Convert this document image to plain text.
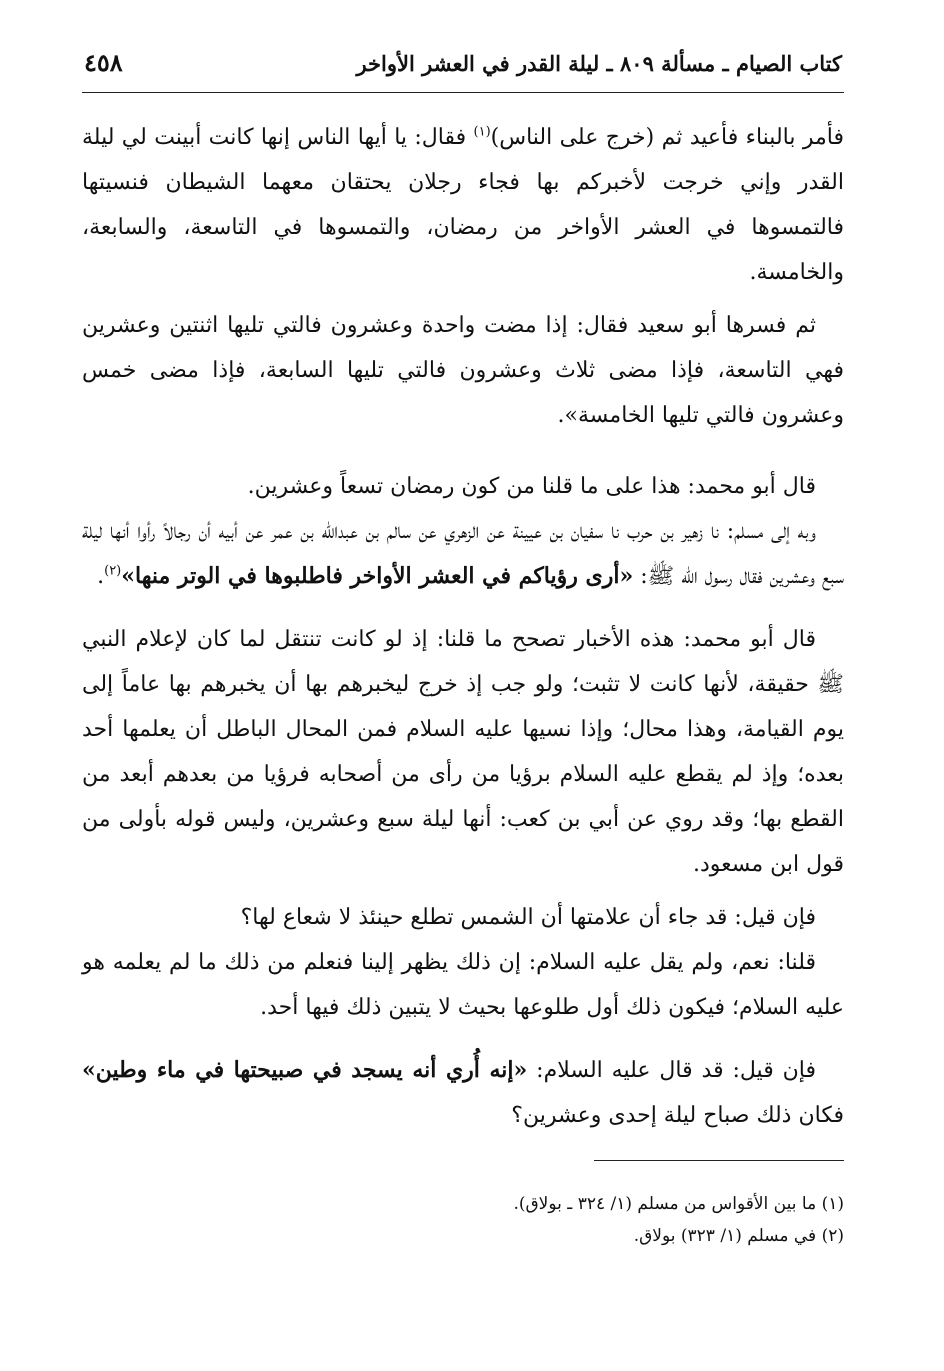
كتاب الصيام ـ مسألة ٨٠٩ ـ ليلة القدر في العشر الأواخر
٤٥٨

فأمر بالبناء فأعيد ثم (خرج على الناس)$^{(١)}$ فقال: يا أيها الناس إنها كانت أبينت لي ليلة القدر وإني خرجت لأخبركم بها فجاء رجلان يحتقان معهما الشيطان فنسيتها فالتمسوها في العشر الأواخر من رمضان، والتمسوها في التاسعة، والسابعة، والخامسة.

ثم فسرها أبو سعيد فقال: إذا مضت واحدة وعشرون فالتي تليها اثنتين وعشرين فهي التاسعة، فإذا مضى ثلاث وعشرون فالتي تليها السابعة، فإذا مضى خمس وعشرون فالتي تليها الخامسة».

قال أبو محمد: هذا على ما قلنا من كون رمضان تسعاً وعشرين.

وبه إلى مسلم: نا زهير بن حرب نا سفيان بن عيينة عن الزهري عن سالم بن عبدالله بن عمر عن أبيه أن رجالاً رأوا أنها ليلة سبع وعشرين فقال رسول الله ﷺ: «أرى رؤياكم في العشر الأواخر فاطلبوها في الوتر منها»$^{(٢)}$.

قال أبو محمد: هذه الأخبار تصحح ما قلنا: إذ لو كانت تنتقل لما كان لإعلام النبي ﷺ حقيقة، لأنها كانت لا تثبت؛ ولو جب إذ خرج ليخبرهم بها أن يخبرهم بها عاماً إلى يوم القيامة، وهذا محال؛ وإذا نسيها عليه السلام فمن المحال الباطل أن يعلمها أحد بعده؛ وإذ لم يقطع عليه السلام برؤيا من رأى من أصحابه فرؤيا من بعدهم أبعد من القطع بها؛ وقد روي عن أبي بن كعب: أنها ليلة سبع وعشرين، وليس قوله بأولى من قول ابن مسعود.

فإن قيل: قد جاء أن علامتها أن الشمس تطلع حينئذ لا شعاع لها؟

قلنا: نعم، ولم يقل عليه السلام: إن ذلك يظهر إلينا فنعلم من ذلك ما لم يعلمه هو عليه السلام؛ فيكون ذلك أول طلوعها بحيث لا يتبين ذلك فيها أحد.

فإن قيل: قد قال عليه السلام: «إنه أُري أنه يسجد في صبيحتها في ماء وطين» فكان ذلك صباح ليلة إحدى وعشرين؟

(١) ما بين الأقواس من مسلم (١/ ٣٢٤ ـ بولاق).

(٢) في مسلم (١/ ٣٢٣) بولاق.
